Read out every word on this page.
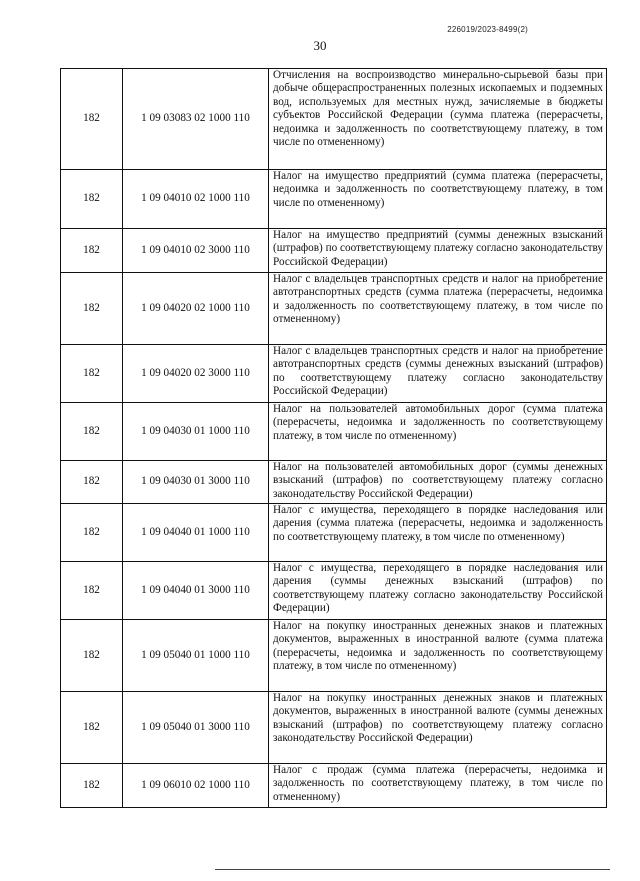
226019/2023-8499(2)
30
182	1 09 03083 02 1000 110	Отчисления на воспроизводство минерально-сырьевой базы при добыче общераспространенных полезных ископаемых и подземных вод, используемых для местных нужд, зачисляемые в бюджеты субъектов Российской Федерации (сумма платежа (перерасчеты, недоимка и задолженность по соответствующему платежу, в том числе по отмененному)
182	1 09 04010 02 1000 110	Налог на имущество предприятий (сумма платежа (перерасчеты, недоимка и задолженность по соответствующему платежу, в том числе по отмененному)
182	1 09 04010 02 3000 110	Налог на имущество предприятий (суммы денежных взысканий (штрафов) по соответствующему платежу согласно законодательству Российской Федерации)
182	1 09 04020 02 1000 110	Налог с владельцев транспортных средств и налог на приобретение автотранспортных средств (сумма платежа (перерасчеты, недоимка и задолженность по соответствующему платежу, в том числе по отмененному)
182	1 09 04020 02 3000 110	Налог с владельцев транспортных средств и налог на приобретение автотранспортных средств (суммы денежных взысканий (штрафов) по соответствующему платежу согласно законодательству Российской Федерации)
182	1 09 04030 01 1000 110	Налог на пользователей автомобильных дорог (сумма платежа (перерасчеты, недоимка и задолженность по соответствующему платежу, в том числе по отмененному)
182	1 09 04030 01 3000 110	Налог на пользователей автомобильных дорог (суммы денежных взысканий (штрафов) по соответствующему платежу согласно законодательству Российской Федерации)
182	1 09 04040 01 1000 110	Налог с имущества, переходящего в порядке наследования или дарения (сумма платежа (перерасчеты, недоимка и задолженность по соответствующему платежу, в том числе по отмененному)
182	1 09 04040 01 3000 110	Налог с имущества, переходящего в порядке наследования или дарения (суммы денежных взысканий (штрафов) по соответствующему платежу согласно законодательству Российской Федерации)
182	1 09 05040 01 1000 110	Налог на покупку иностранных денежных знаков и платежных документов, выраженных в иностранной валюте (сумма платежа (перерасчеты, недоимка и задолженность по соответствующему платежу, в том числе по отмененному)
182	1 09 05040 01 3000 110	Налог на покупку иностранных денежных знаков и платежных документов, выраженных в иностранной валюте (суммы денежных взысканий (штрафов) по соответствующему платежу согласно законодательству Российской Федерации)
182	1 09 06010 02 1000 110	Налог с продаж (сумма платежа (перерасчеты, недоимка и задолженность по соответствующему платежу, в том числе по отмененному)
